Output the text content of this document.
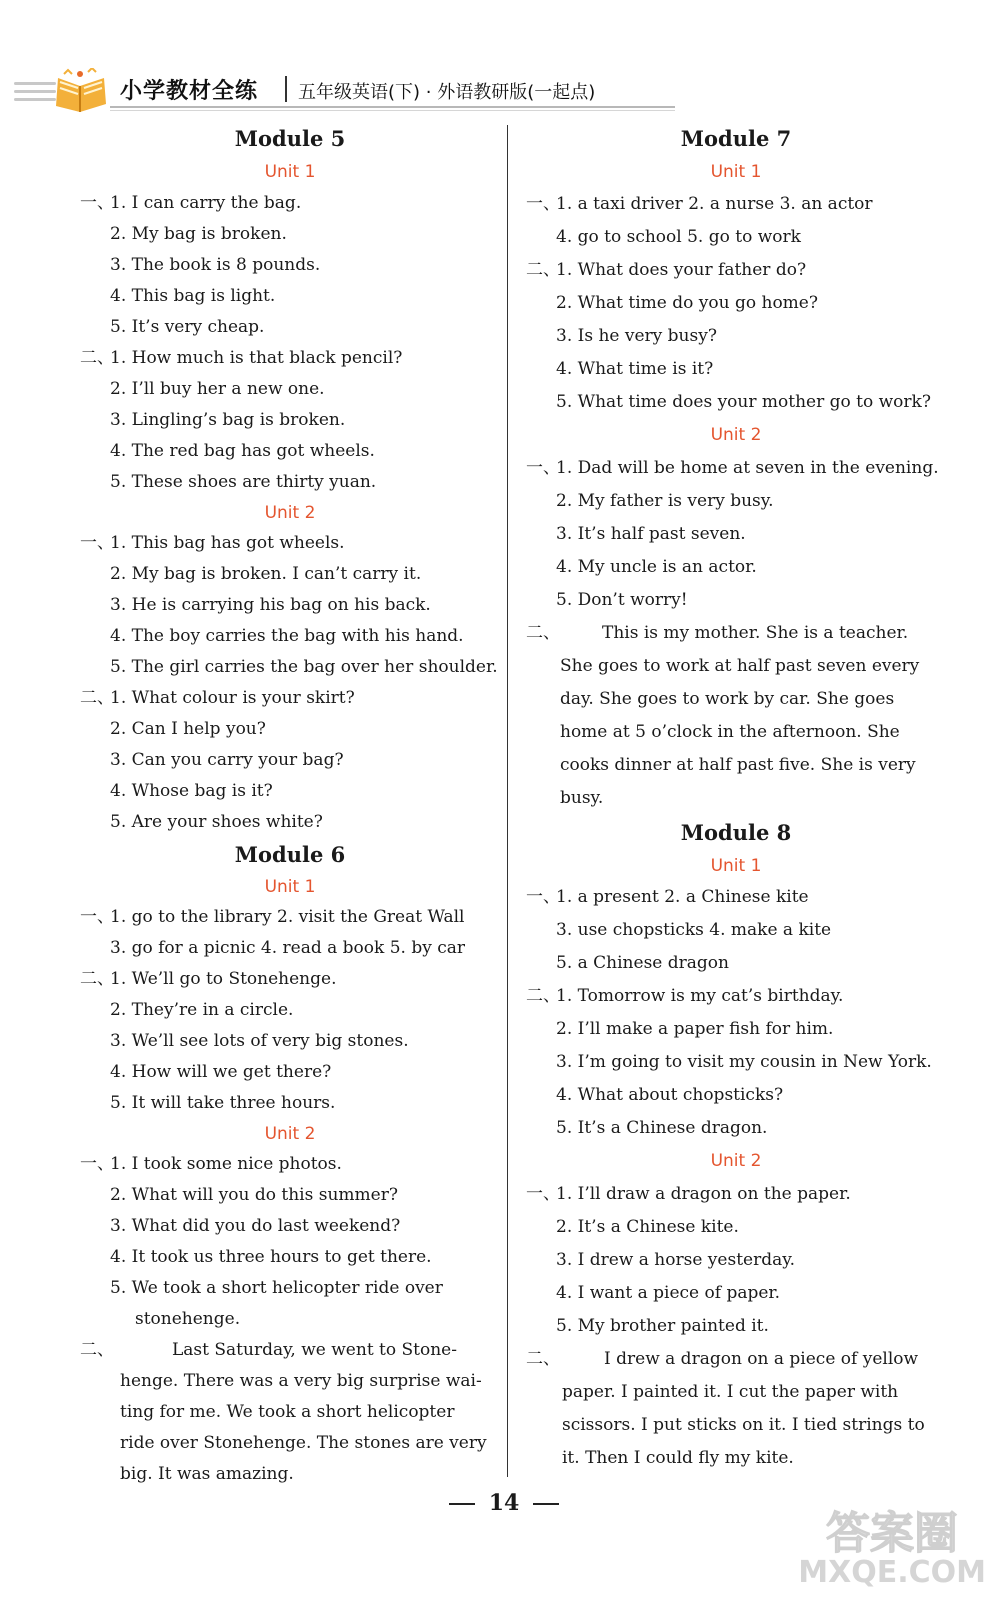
小学教材全练 五年级英语(下) · 外语教研版(一起点)
Module 5
Unit 1
一、1. I can carry the bag.
2. My bag is broken.
3. The book is 8 pounds.
4. This bag is light.
5. It’s very cheap.
二、1. How much is that black pencil?
2. I’ll buy her a new one.
3. Lingling’s bag is broken.
4. The red bag has got wheels.
5. These shoes are thirty yuan.
Unit 2
一、1. This bag has got wheels.
2. My bag is broken. I can’t carry it.
3. He is carrying his bag on his back.
4. The boy carries the bag with his hand.
5. The girl carries the bag over her shoulder.
二、1. What colour is your skirt?
2. Can I help you?
3. Can you carry your bag?
4. Whose bag is it?
5. Are your shoes white?
Module 6
Unit 1
一、1. go to the library 2. visit the Great Wall
3. go for a picnic 4. read a book 5. by car
二、1. We’ll go to Stonehenge.
2. They’re in a circle.
3. We’ll see lots of very big stones.
4. How will we get there?
5. It will take three hours.
Unit 2
一、1. I took some nice photos.
2. What will you do this summer?
3. What did you do last weekend?
4. It took us three hours to get there.
5. We took a short helicopter ride over
stonehenge.
二、	Last Saturday, we went to Stone-
henge. There was a very big surprise wai-
ting for me. We took a short helicopter
ride over Stonehenge. The stones are very
big. It was amazing.
Module 7
Unit 1
一、1. a taxi driver 2. a nurse 3. an actor
4. go to school 5. go to work
二、1. What does your father do?
2. What time do you go home?
3. Is he very busy?
4. What time is it?
5. What time does your mother go to work?
Unit 2
一、1. Dad will be home at seven in the evening.
2. My father is very busy.
3. It’s half past seven.
4. My uncle is an actor.
5. Don’t worry!
二、	This is my mother. She is a teacher.
She goes to work at half past seven every
day. She goes to work by car. She goes
home at 5 o’clock in the afternoon. She
cooks dinner at half past five. She is very
busy.
Module 8
Unit 1
一、1. a present 2. a Chinese kite
3. use chopsticks 4. make a kite
5. a Chinese dragon
二、1. Tomorrow is my cat’s birthday.
2. I’ll make a paper fish for him.
3. I’m going to visit my cousin in New York.
4. What about chopsticks?
5. It’s a Chinese dragon.
Unit 2
一、1. I’ll draw a dragon on the paper.
2. It’s a Chinese kite.
3. I drew a horse yesterday.
4. I want a piece of paper.
5. My brother painted it.
二、	I drew a dragon on a piece of yellow
paper. I painted it. I cut the paper with
scissors. I put sticks on it. I tied strings to
it. Then I could fly my kite.
14
答案圈
MXQE.COM
